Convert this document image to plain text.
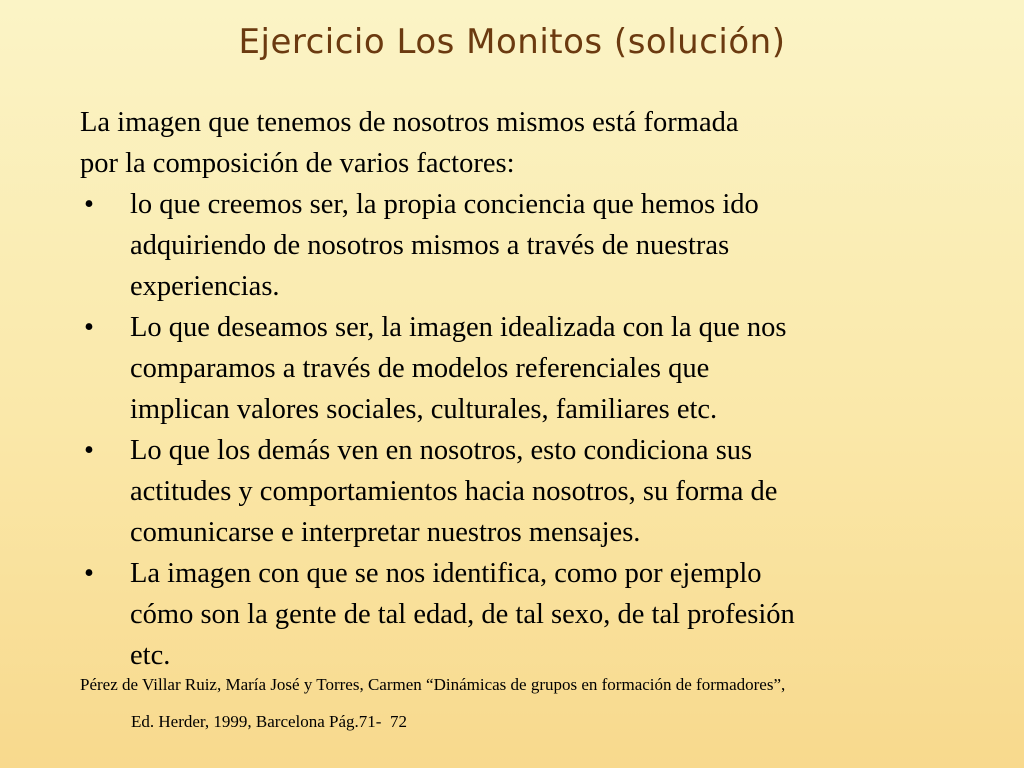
Ejercicio Los Monitos (solución)

La imagen que tenemos de nosotros mismos está formada
por la composición de varios factores:

• lo que creemos ser, la propia conciencia que hemos ido
adquiriendo de nosotros mismos a través de nuestras
experiencias.
• Lo que deseamos ser, la imagen idealizada con la que nos
comparamos a través de modelos referenciales que
implican valores sociales, culturales, familiares etc.
• Lo que los demás ven en nosotros, esto condiciona sus
actitudes y comportamientos hacia nosotros, su forma de
comunicarse e interpretar nuestros mensajes.
• La imagen con que se nos identifica, como por ejemplo
cómo son la gente de tal edad, de tal sexo, de tal profesión
etc.
Pérez de Villar Ruiz, María José y Torres, Carmen “Dinámicas de grupos en formación de formadores”,
Ed. Herder, 1999, Barcelona Pág.71-  72
